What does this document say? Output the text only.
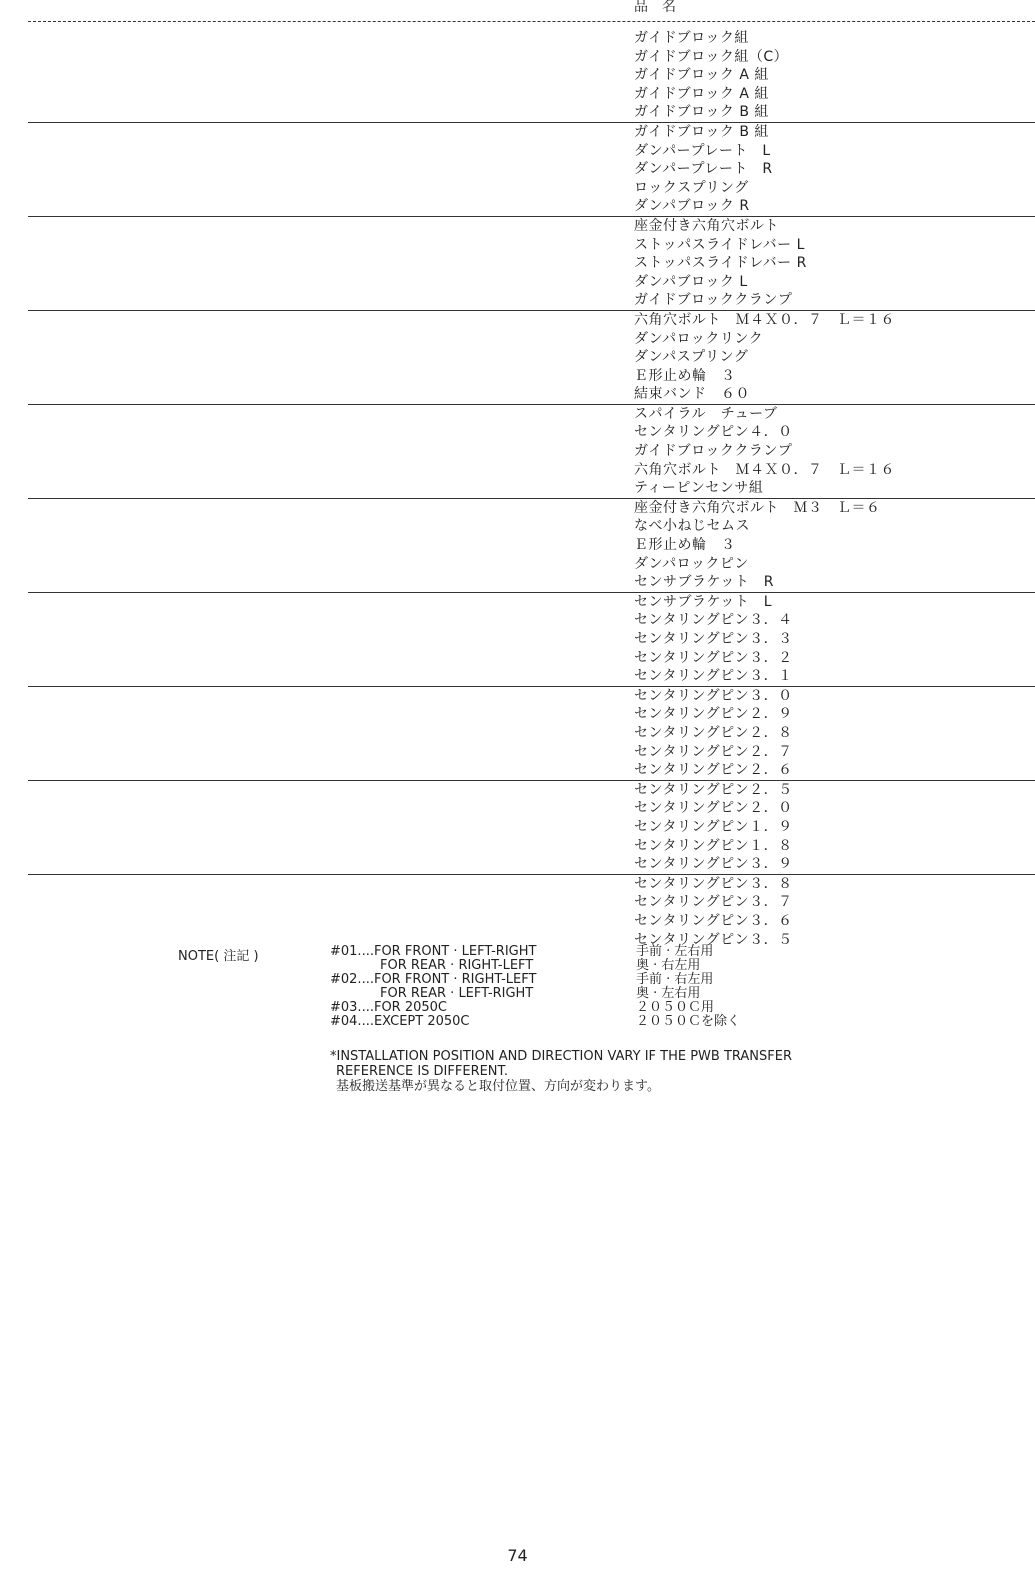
品　名
ガイドブロック組
ガイドブロック組（C）
ガイドブロック A 組
ガイドブロック A 組
ガイドブロック B 組
ガイドブロック B 組
ダンパープレート　L
ダンパープレート　R
ロックスプリング
ダンパブロック R
座金付き六角穴ボルト
ストッパスライドレバー L
ストッパスライドレバー R
ダンパブロック L
ガイドブロッククランプ
六角穴ボルト　Ｍ４Ｘ０．７　Ｌ＝１６
ダンパロックリンク
ダンパスプリング
Ｅ形止め輪　３
結束バンド　６０
スパイラル　チューブ
センタリングピン４．０
ガイドブロッククランプ
六角穴ボルト　Ｍ４Ｘ０．７　Ｌ＝１６
ティーピンセンサ組
座金付き六角穴ボルト　Ｍ３　Ｌ＝６
なべ小ねじセムス
Ｅ形止め輪　３
ダンパロックピン
センサブラケット　R
センサブラケット　L
センタリングピン３．４
センタリングピン３．３
センタリングピン３．２
センタリングピン３．１
センタリングピン３．０
センタリングピン２．９
センタリングピン２．８
センタリングピン２．７
センタリングピン２．６
センタリングピン２．５
センタリングピン２．０
センタリングピン１．９
センタリングピン１．８
センタリングピン３．９
センタリングピン３．８
センタリングピン３．７
センタリングピン３．６
センタリングピン３．５
NOTE( 注記 )	#01....FOR FRONT · LEFT-RIGHT	手前 · 左右用
FOR REAR · RIGHT-LEFT	奥 · 右左用
#02....FOR FRONT · RIGHT-LEFT	手前 · 右左用
FOR REAR · LEFT-RIGHT	奥 · 左右用
#03....FOR 2050C	２０５０Ｃ用
#04....EXCEPT 2050C	２０５０Ｃを除く
*INSTALLATION POSITION AND DIRECTION VARY IF THE PWB TRANSFER
REFERENCE IS DIFFERENT.
基板搬送基準が異なると取付位置、方向が変わります。
74
